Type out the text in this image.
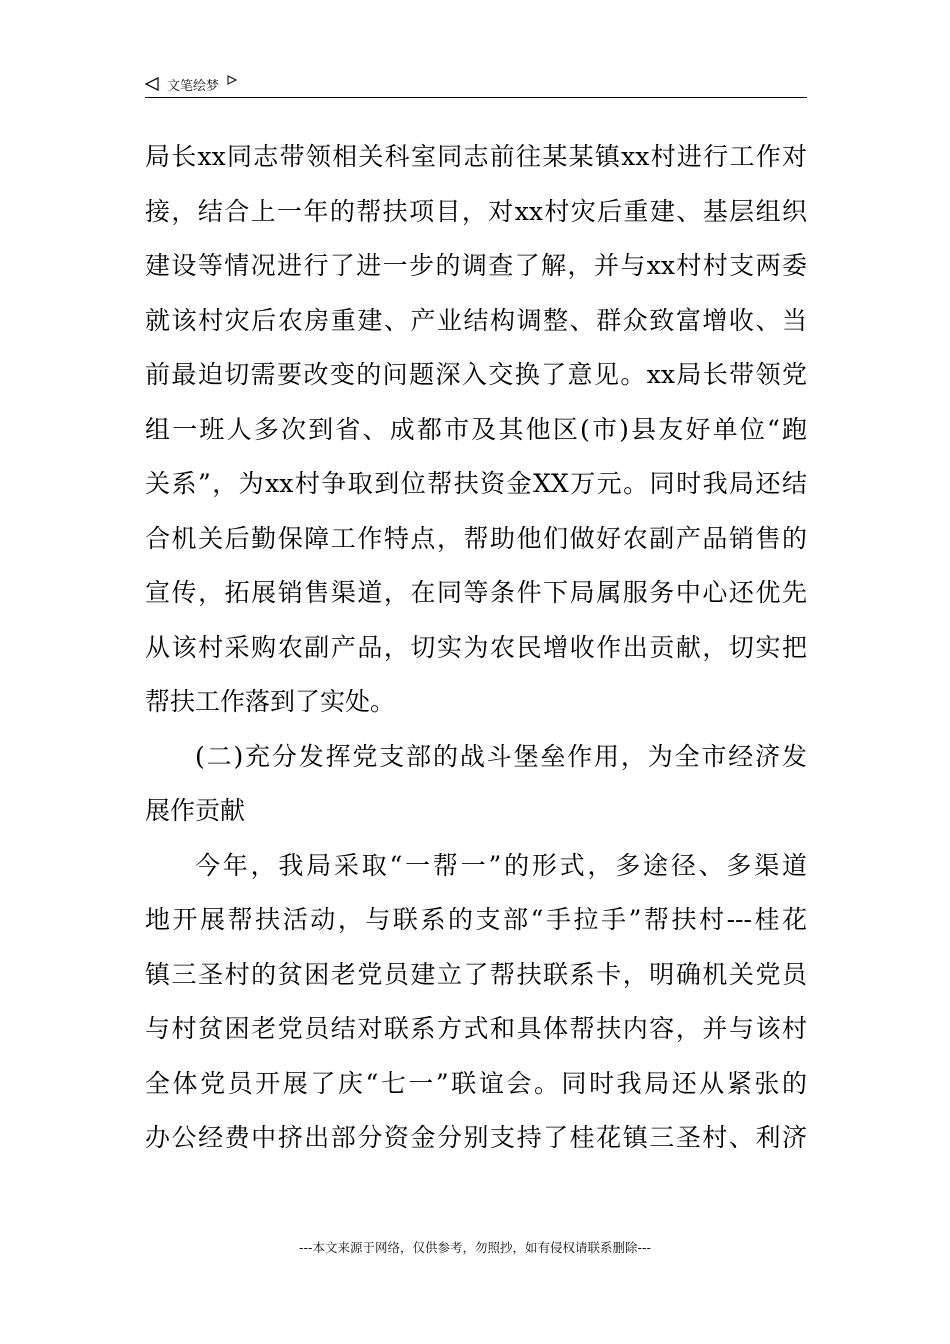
文笔绘梦
局长xx同志带领相关科室同志前往某某镇xx村进行工作对
接，结合上一年的帮扶项目，对xx村灾后重建、基层组织
建设等情况进行了进一步的调查了解，并与xx村村支两委
就该村灾后农房重建、产业结构调整、群众致富增收、当
前最迫切需要改变的问题深入交换了意见。xx局长带领党
组一班人多次到省、成都市及其他区(市)县友好单位“跑
关系”，为xx村争取到位帮扶资金XX万元。同时我局还结
合机关后勤保障工作特点，帮助他们做好农副产品销售的
宣传，拓展销售渠道，在同等条件下局属服务中心还优先
从该村采购农副产品，切实为农民增收作出贡献，切实把
帮扶工作落到了实处。
(二)充分发挥党支部的战斗堡垒作用，为全市经济发
展作贡献
今年，我局采取“一帮一”的形式，多途径、多渠道
地开展帮扶活动，与联系的支部“手拉手”帮扶村---桂花
镇三圣村的贫困老党员建立了帮扶联系卡，明确机关党员
与村贫困老党员结对联系方式和具体帮扶内容，并与该村
全体党员开展了庆“七一”联谊会。同时我局还从紧张的
办公经费中挤出部分资金分别支持了桂花镇三圣村、利济
---本文来源于网络，仅供参考，勿照抄，如有侵权请联系删除---
